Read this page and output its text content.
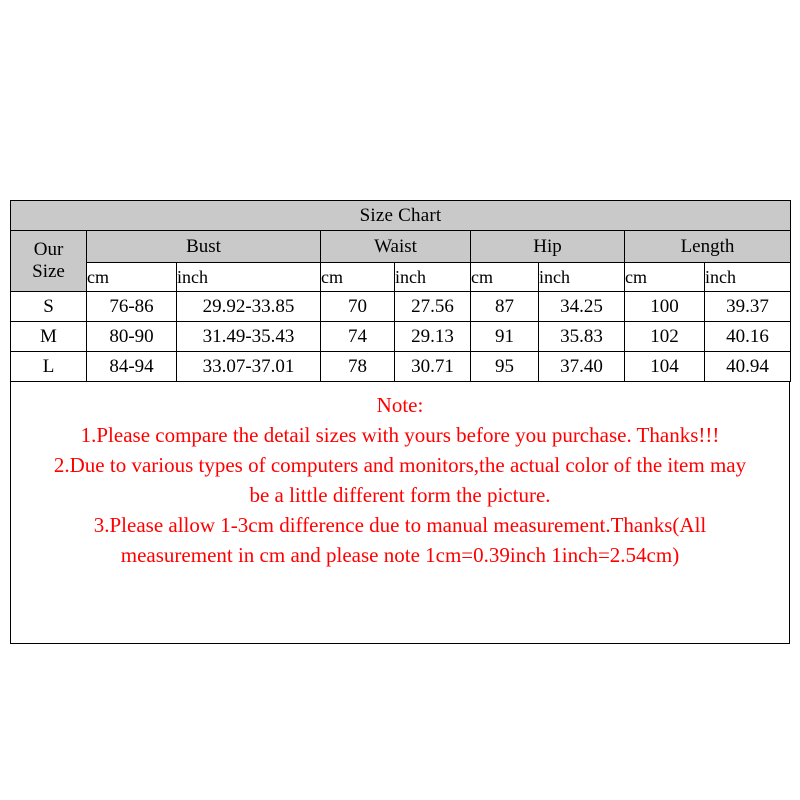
Size Chart								

Our
Size	Bust		Waist		Hip		Length	
	cm	inch	cm	inch	cm	inch	cm	inch
S	76-86	29.92-33.85	70	27.56	87	34.25	100	39.37
M	80-90	31.49-35.43	74	29.13	91	35.83	102	40.16
L	84-94	33.07-37.01	78	30.71	95	37.40	104	40.94
Note:
1.Please compare the detail sizes with yours before you purchase. Thanks!!!
2.Due to various types of computers and monitors,the actual color of the item may
be a little different form the picture.
3.Please allow 1-3cm difference due to manual measurement.Thanks(All
measurement in cm and please note 1cm=0.39inch 1inch=2.54cm)
